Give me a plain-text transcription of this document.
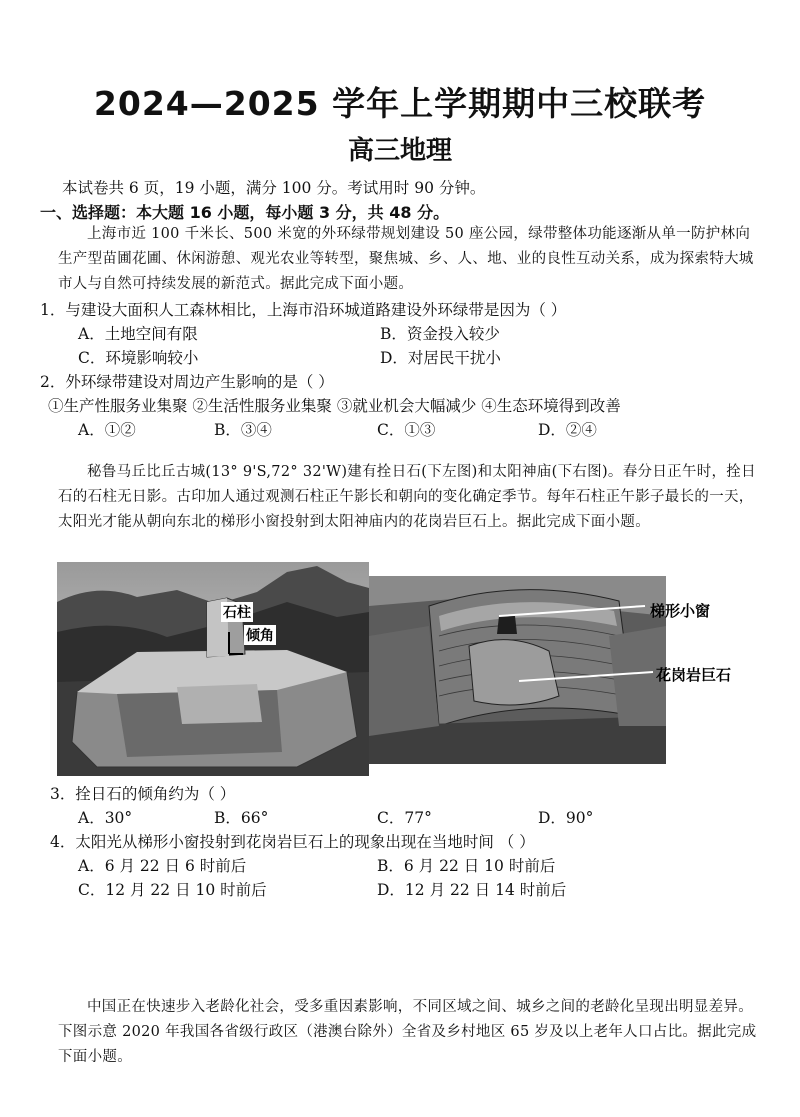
2024—2025 学年上学期期中三校联考
高三地理
本试卷共 6 页，19 小题，满分 100 分。考试用时 90 分钟。
一、选择题：本大题 16 小题，每小题 3 分，共 48 分。
上海市近 100 千米长、500 米宽的外环绿带规划建设 50 座公园，绿带整体功能逐渐从单一防护林向生产型苗圃花圃、休闲游憩、观光农业等转型，聚焦城、乡、人、地、业的良性互动关系，成为探索特大城市人与自然可持续发展的新范式。据此完成下面小题。
1．与建设大面积人工森林相比，上海市沿环城道路建设外环绿带是因为（ ）
A．土地空间有限	B．资金投入较少
C．环境影响较小	D．对居民干扰小
2．外环绿带建设对周边产生影响的是（ ）
①生产性服务业集聚 ②生活性服务业集聚 ③就业机会大幅减少 ④生态环境得到改善
A．①②	B．③④	C．①③	D．②④
秘鲁马丘比丘古城(13° 9'S,72° 32'W)建有拴日石(下左图)和太阳神庙(下右图)。春分日正午时，拴日石的石柱无日影。古印加人通过观测石柱正午影长和朝向的变化确定季节。每年石柱正午影子最长的一天，太阳光才能从朝向东北的梯形小窗投射到太阳神庙内的花岗岩巨石上。据此完成下面小题。
石柱
倾角
梯形小窗
花岗岩巨石
3．拴日石的倾角约为（ ）
A．30°	B．66°	C．77°	D．90°
4．太阳光从梯形小窗投射到花岗岩巨石上的现象出现在当地时间 （ ）
A．6 月 22 日 6 时前后	B．6 月 22 日 10 时前后
C．12 月 22 日 10 时前后	D．12 月 22 日 14 时前后
中国正在快速步入老龄化社会，受多重因素影响，不同区域之间、城乡之间的老龄化呈现出明显差异。下图示意 2020 年我国各省级行政区（港澳台除外）全省及乡村地区 65 岁及以上老年人口占比。据此完成下面小题。
